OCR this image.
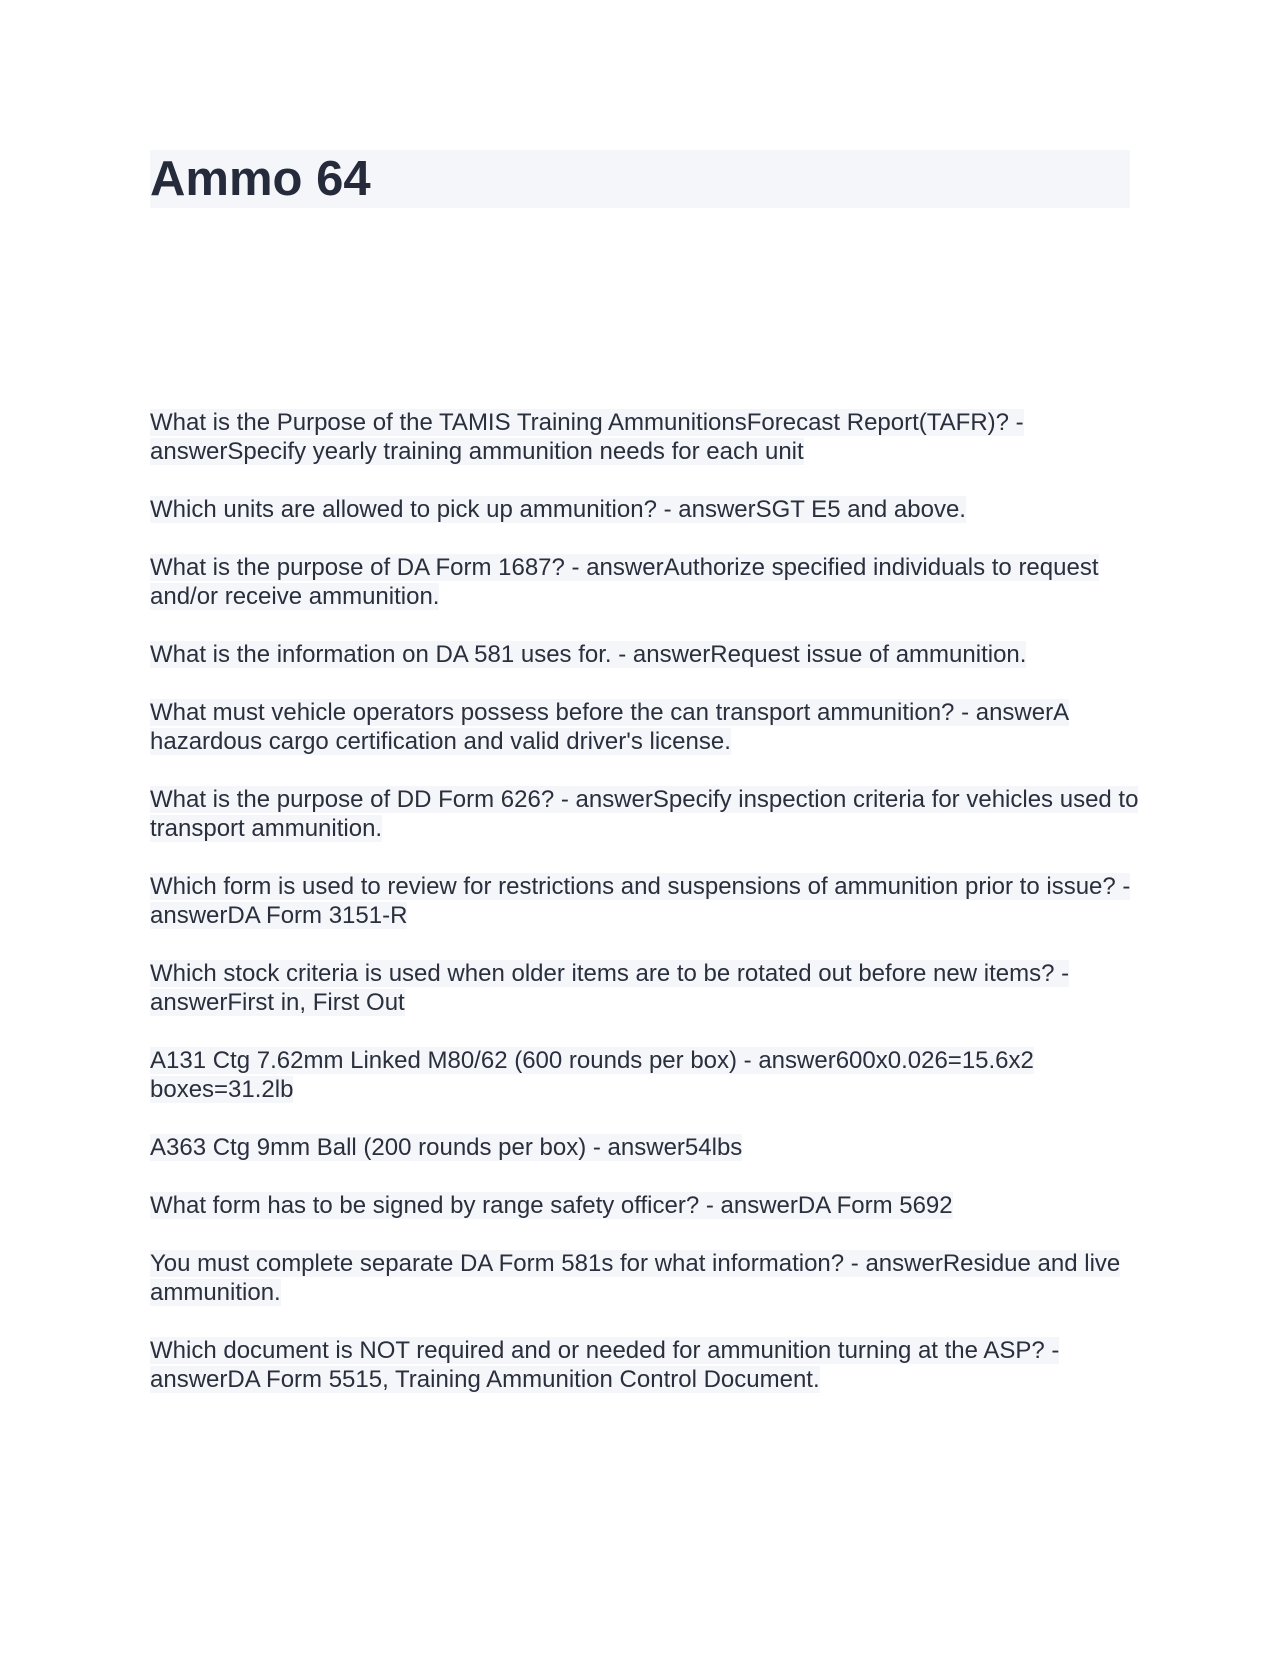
Ammo 64

What is the Purpose of the TAMIS Training AmmunitionsForecast Report(TAFR)? - answerSpecify yearly training ammunition needs for each unit

Which units are allowed to pick up ammunition? - answerSGT E5 and above.

What is the purpose of DA Form 1687? - answerAuthorize specified individuals to request and/or receive ammunition.

What is the information on DA 581 uses for. - answerRequest issue of ammunition.

What must vehicle operators possess before the can transport ammunition? - answerA hazardous cargo certification and valid driver's license.

What is the purpose of DD Form 626? - answerSpecify inspection criteria for vehicles used to transport ammunition.

Which form is used to review for restrictions and suspensions of ammunition prior to issue? - answerDA Form 3151-R

Which stock criteria is used when older items are to be rotated out before new items? - answerFirst in, First Out

A131 Ctg 7.62mm Linked M80/62 (600 rounds per box) - answer600x0.026=15.6x2 boxes=31.2lb

A363 Ctg 9mm Ball (200 rounds per box) - answer54lbs

What form has to be signed by range safety officer? - answerDA Form 5692

You must complete separate DA Form 581s for what information? - answerResidue and live ammunition.

Which document is NOT required and or needed for ammunition turning at the ASP? - answerDA Form 5515, Training Ammunition Control Document.
